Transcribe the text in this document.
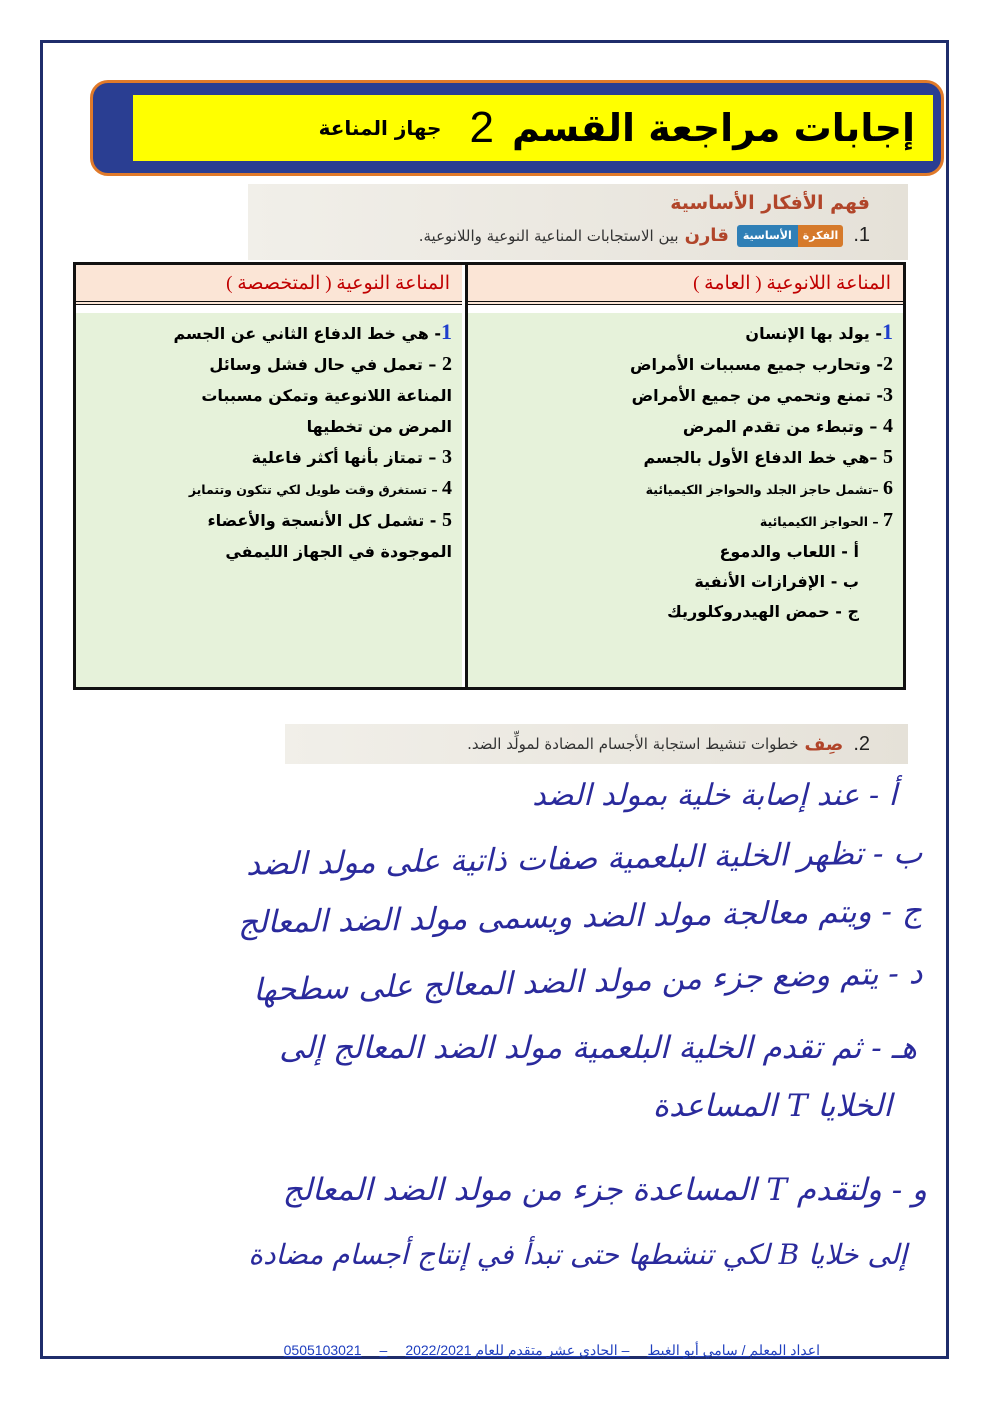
إجابات مراجعة القسم
2
جهاز المناعة
فهم الأفكار الأساسية
1.
الفكرة
الأساسية
قارن
بين الاستجابات المناعية النوعية واللانوعية.
المناعة اللانوعية ( العامة )
1- يولد بها الإنسان
2- وتحارب جميع مسببات الأمراض
3- تمنع وتحمي من جميع الأمراض
4 – وتبطء من تقدم المرض
5 –هي خط الدفاع الأول بالجسم
6 –تشمل حاجز الجلد والحواجز الكيميائية
7 – الحواجز الكيميائية
أ - اللعاب والدموع
ب - الإفرازات الأنفية
ج - حمض الهيدروكلوريك
المناعة النوعية ( المتخصصة )
1- هي خط الدفاع الثاني عن الجسم
2 – تعمل في حال فشل وسائل
المناعة اللانوعية وتمكن مسببات
المرض من تخطيها
3 – تمتاز بأنها أكثر فاعلية
4 – تستغرق وقت طويل لكي تتكون وتتمايز
5 - تشمل كل الأنسجة والأعضاء
الموجودة في الجهاز الليمفي
2.
صِف
خطوات تنشيط استجابة الأجسام المضادة لمولِّد الضد.
أ - عند إصابة خلية بمولد الضد
ب - تظهر الخلية البلعمية صفات ذاتية على مولد الضد
ج - ويتم معالجة مولد الضد ويسمى مولد الضد المعالج
د - يتم وضع جزء من مولد الضد المعالج على سطحها
هـ - ثم تقدم الخلية البلعمية مولد الضد المعالج إلى
الخلايا T المساعدة
و - ولتقدم T المساعدة جزء من مولد الضد المعالج
إلى خلايا B لكي تنشطها حتى تبدأ في إنتاج أجسام مضادة
اعداد المعلم / سامي أبو الغيط
– الحادي عشر متقدم للعام 2022/2021
–
0505103021
